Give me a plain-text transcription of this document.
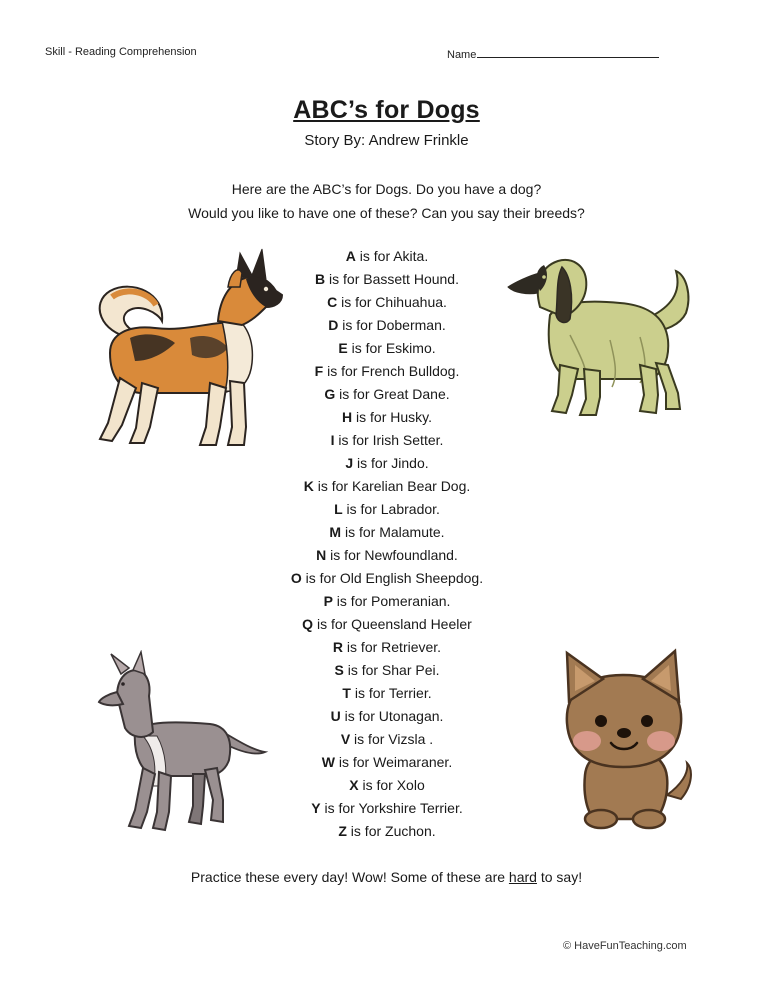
Skill - Reading Comprehension	Name
ABC’s for Dogs
Story By: Andrew Frinkle
Here are the ABC’s for Dogs. Do you have a dog?
Would you like to have one of these? Can you say their breeds?
A is for Akita.
B is for Bassett Hound.
C is for Chihuahua.
D is for Doberman.
E is for Eskimo.
F is for French Bulldog.
G is for Great Dane.
H is for Husky.
I is for Irish Setter.
J is for Jindo.
K is for Karelian Bear Dog.
L is for Labrador.
M is for Malamute.
N is for Newfoundland.
O is for Old English Sheepdog.
P is for Pomeranian.
Q is for Queensland Heeler
R is for Retriever.
S is for Shar Pei.
T is for Terrier.
U is for Utonagan.
V is for Vizsla .
W is for Weimaraner.
X is for Xolo
Y is for Yorkshire Terrier.
Z is for Zuchon.
Practice these every day! Wow! Some of these are hard to say!
© HaveFunTeaching.com
